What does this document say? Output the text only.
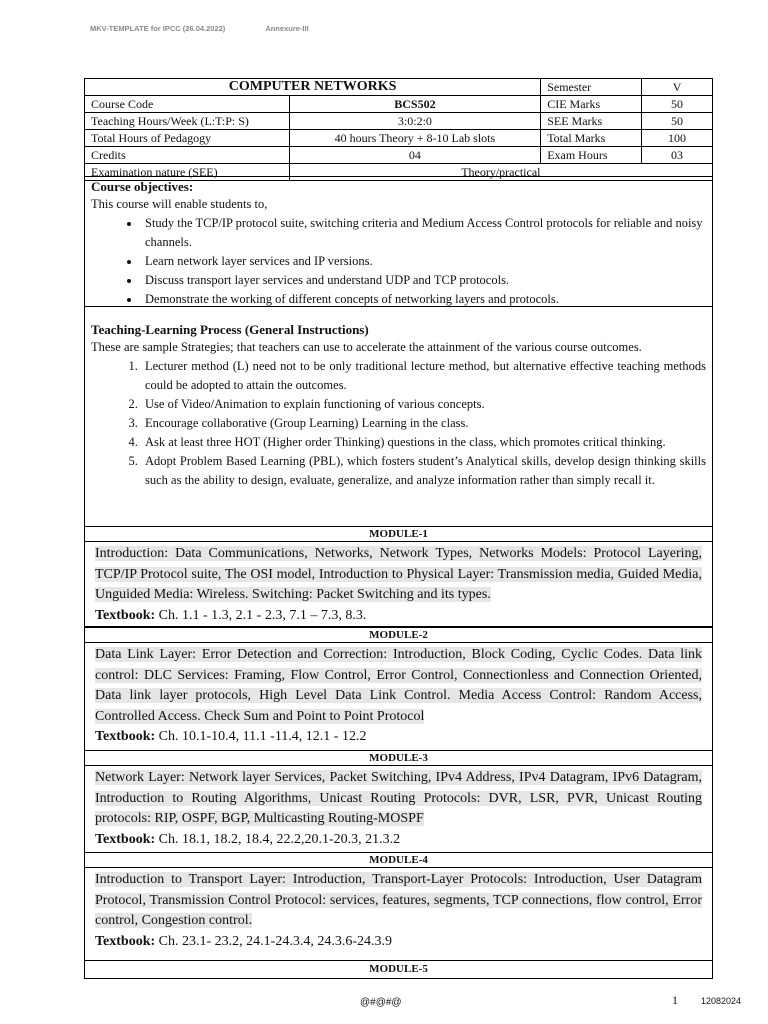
MKV-TEMPLATE for IPCC (26.04.2022)	Annexure-III
COMPUTER NETWORKS		Semester	V
Course Code	BCS502	CIE Marks	50
Teaching Hours/Week (L:T:P: S)	3:0:2:0	SEE Marks	50
Total Hours of Pedagogy	40 hours Theory + 8-10 Lab slots	Total Marks	100
Credits	04	Exam Hours	03
Examination nature (SEE)	Theory/practical		
Course objectives:
This course will enable students to,
• Study the TCP/IP protocol suite, switching criteria and Medium Access Control protocols for reliable and noisy channels.
• Learn network layer services and IP versions.
• Discuss transport layer services and understand UDP and TCP protocols.
• Demonstrate the working of different concepts of networking layers and protocols.
Teaching-Learning Process (General Instructions)
These are sample Strategies; that teachers can use to accelerate the attainment of the various course outcomes.
1. Lecturer method (L) need not to be only traditional lecture method, but alternative effective teaching methods could be adopted to attain the outcomes.
2. Use of Video/Animation to explain functioning of various concepts.
3. Encourage collaborative (Group Learning) Learning in the class.
4. Ask at least three HOT (Higher order Thinking) questions in the class, which promotes critical thinking.
5. Adopt Problem Based Learning (PBL), which fosters student’s Analytical skills, develop design thinking skills such as the ability to design, evaluate, generalize, and analyze information rather than simply recall it.
MODULE-1
Introduction: Data Communications, Networks, Network Types, Networks Models: Protocol Layering, TCP/IP Protocol suite, The OSI model, Introduction to Physical Layer: Transmission media, Guided Media, Unguided Media: Wireless. Switching: Packet Switching and its types.
Textbook: Ch. 1.1 - 1.3, 2.1 - 2.3, 7.1 – 7.3, 8.3.
MODULE-2
Data Link Layer: Error Detection and Correction: Introduction, Block Coding, Cyclic Codes. Data link control: DLC Services: Framing, Flow Control, Error Control, Connectionless and Connection Oriented, Data link layer protocols, High Level Data Link Control. Media Access Control: Random Access, Controlled Access. Check Sum and Point to Point Protocol
Textbook: Ch. 10.1-10.4, 11.1 -11.4, 12.1 - 12.2
MODULE-3
Network Layer: Network layer Services, Packet Switching, IPv4 Address, IPv4 Datagram, IPv6 Datagram, Introduction to Routing Algorithms, Unicast Routing Protocols: DVR, LSR, PVR, Unicast Routing protocols: RIP, OSPF, BGP, Multicasting Routing-MOSPF
Textbook: Ch. 18.1, 18.2, 18.4, 22.2,20.1-20.3, 21.3.2
MODULE-4
Introduction to Transport Layer: Introduction, Transport-Layer Protocols: Introduction, User Datagram Protocol, Transmission Control Protocol: services, features, segments, TCP connections, flow control, Error control, Congestion control.
Textbook: Ch. 23.1- 23.2, 24.1-24.3.4, 24.3.6-24.3.9
MODULE-5
@#@#@	1	12082024
